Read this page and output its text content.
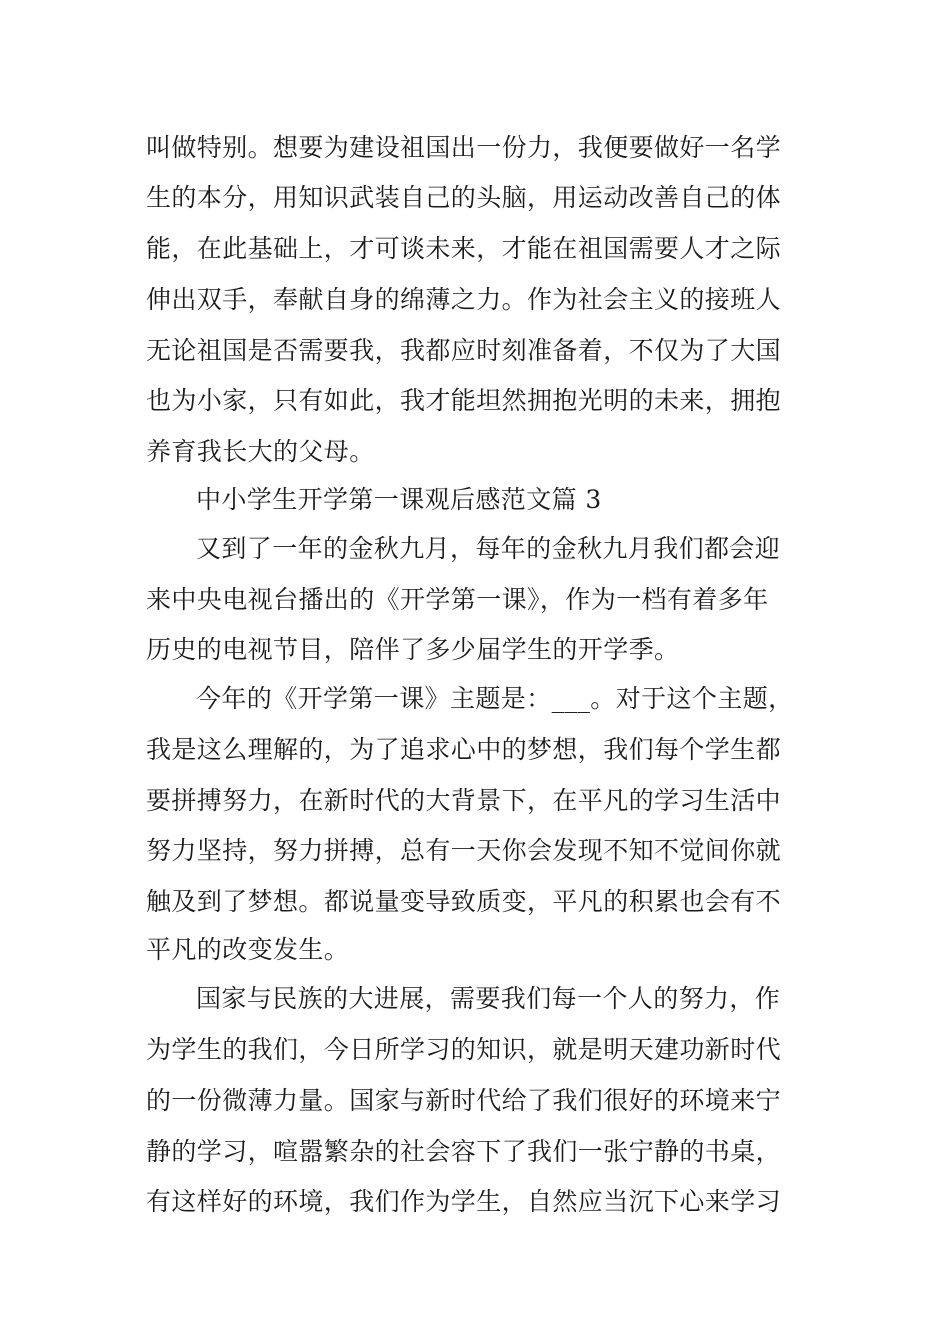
叫做特别。想要为建设祖国出一份力，我便要做好一名学
生的本分，用知识武装自己的头脑，用运动改善自己的体
能，在此基础上，才可谈未来，才能在祖国需要人才之际
伸出双手，奉献自身的绵薄之力。作为社会主义的接班人
无论祖国是否需要我，我都应时刻准备着，不仅为了大国
也为小家，只有如此，我才能坦然拥抱光明的未来，拥抱
养育我长大的父母。
中小学生开学第一课观后感范文篇 3
又到了一年的金秋九月，每年的金秋九月我们都会迎
来中央电视台播出的《开学第一课》，作为一档有着多年
历史的电视节目，陪伴了多少届学生的开学季。
今年的《开学第一课》主题是：___。对于这个主题，
我是这么理解的，为了追求心中的梦想，我们每个学生都
要拼搏努力，在新时代的大背景下，在平凡的学习生活中
努力坚持，努力拼搏，总有一天你会发现不知不觉间你就
触及到了梦想。都说量变导致质变，平凡的积累也会有不
平凡的改变发生。
国家与民族的大进展，需要我们每一个人的努力，作
为学生的我们，今日所学习的知识，就是明天建功新时代
的一份微薄力量。国家与新时代给了我们很好的环境来宁
静的学习，喧嚣繁杂的社会容下了我们一张宁静的书桌，
有这样好的环境，我们作为学生，自然应当沉下心来学习
